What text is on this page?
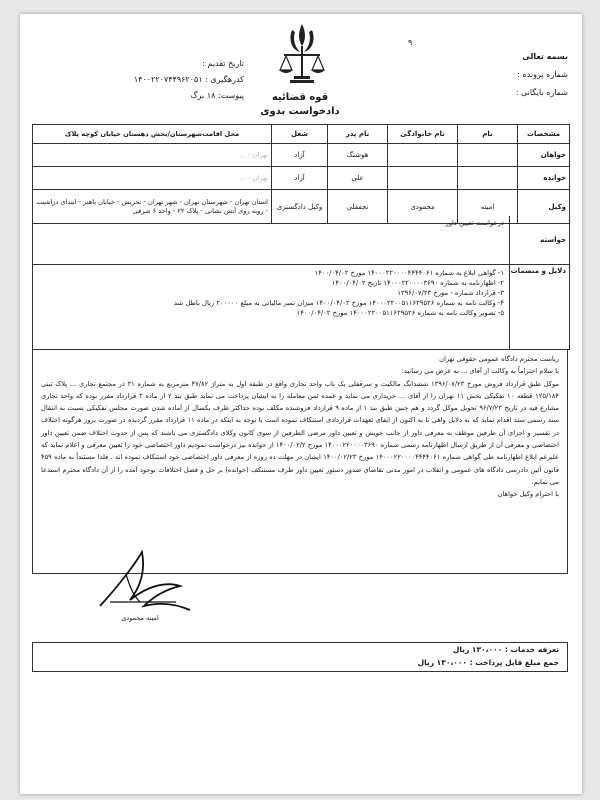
۹
بسمه تعالی
شماره پرونده :
شماره بایگانی :
تاریخ تقدیم :
کدرهگیری : ۱۴۰۰۲۲۰۷۴۴۹۶۲۰۵۱
پیوست: ۱۸ برگ	قوه قضائیه
دادخواست بدوی
مشخصات	نام	نام خانوادگی	نام پدر	شغل	محل اقامت‌شهرستان/بخش دهستان خیابان کوچه پلاک
خواهان			هوشنگ	آزاد	تهران - ...
خوانده			علی	آزاد	تهران - ...
وکیل	امینه	محمودی	نجفقلی	وکیل دادگستری	استان تهران - شهرستان تهران - شهر تهران - تجریش - خیابان باهنر - ابتدای دزاشیب - روبه روی آتش نشانی - پلاک ۲۲ - واحد ۶ شرقی
خواسته
درخواست تعیین داور
دلایل و منضمات
۱- گواهی ابلاغ به شماره ۱۴۰۰۰۲۲۰۰۰۰۴۴۴۴۰۶۱ مورخ ۱۴۰۰/۰۴/۰۲
۲- اظهارنامه به شماره ۱۴۰۰۰۲۲۰۰۰۰۳۶۹۰ تاریخ ۱۴۰۰/۰۴/۰۲
۳- قرارداد شماره - مورخ ۱۳۹۶/۰۷/۲۳
۴- وکالت نامه به شماره ۱۴۰۰۰۲۲۰۰۵۱۱۶۲۹۵۲۶ مورخ ۱۴۰۰/۰۴/۰۲ میزان تمبر مالیاتی به مبلغ ۲۰۰۰۰۰ ریال باطل شد
۵- تصویر وکالت نامه به شماره ۱۴۰۰۰۲۲۰۰۵۱۱۶۲۹۵۲۶ مورخ ۱۴۰۰/۰۴/۰۲

ریاست محترم دادگاه عمومی حقوقی تهران

با سلام احتراماً به وکالت از آقای ... به عرض می رسانید:

موکل طبق قرارداد فروش مورخ ۱۳۹۶/۰۷/۲۳ ششدانگ مالکیت و سرقفلی یک باب واحد تجاری واقع در طبقه اول به متراژ ۴۷/۸۲ مترمربع به شماره ۳۱ در مجتمع تجاری ... پلاک ثبتی ۱۲۵/۱۸۴ قطعه ۱۰ تفکیکی بخش ۱۱ تهران را از آقای ... خریداری می نماید و عمده ثمن معامله را به ایشان پرداخت می نماید طبق بند ۲ از ماده ۳ قرارداد مقرر بوده که واحد تجاری مشارع فیه در تاریخ ۹۶/۷/۲۳ تحویل موکل گردد و هم چنین طبق بند ۱ از ماده ۹ قرارداد فروشنده مکلف بوده حداکثر ظرف یکسال از آماده شدن صورت مجلس تفکیکی نسبت به انتقال سند رسمی سند اقدام نماید که به دلایل واهی تا به اکنون از ایفای تعهدات قراردادی استنکاف نموده است با توجه به اینکه در ماده ۱۱ قرارداد مقرر گردیده در صورت بروز هرگونه اختلاف در تفسیر و اجرای آن طرفین موظف به معرفی داور از جانب خویش و تعیین داور مرضی الطرفین از سوی کانون وکلای دادگستری می باشند که پس از حدوث اختلاف ضمن تعیین داور اختصاصی و معرفی آن از طریق ارسال اظهارنامه رسمی شماره ۱۴۰۰۰۲۲۰۰۰۰۳۶۹۰ مورخ ۱۴۰۰/۰۲/۲ از خوانده نیز درخواست نمودیم داور اختصاصی خود را تعیین معرفی و اعلام نماید که علیرغم ابلاغ اظهارنامه طی گواهی شماره ۱۴۰۰۰۲۲۰۰۰۰۴۴۴۴۰۶۱ مورخ ۱۴۰۰/۰۲/۲۳ ایشان در مهلت ده روزه از معرفی داور اختصاصی خود استنکاف نموده اند . فلذا مستنداً به ماده ۴۵۹ قانون آئین دادرسی دادگاه های عمومی و انقلاب در امور مدنی تقاضای صدور دستور تعیین داور طرف مستنکف (خوانده) بر حل و فصل اختلافات بوجود آمده را از آن دادگاه محترم استدعا می نمایم.

با احترام وکیل خواهان

امینه محمودی
تعرفه خدمات : ۱۳۰،۰۰۰ ریال
جمع مبلغ قابل پرداخت : ۱۳۰،۰۰۰ ریال
